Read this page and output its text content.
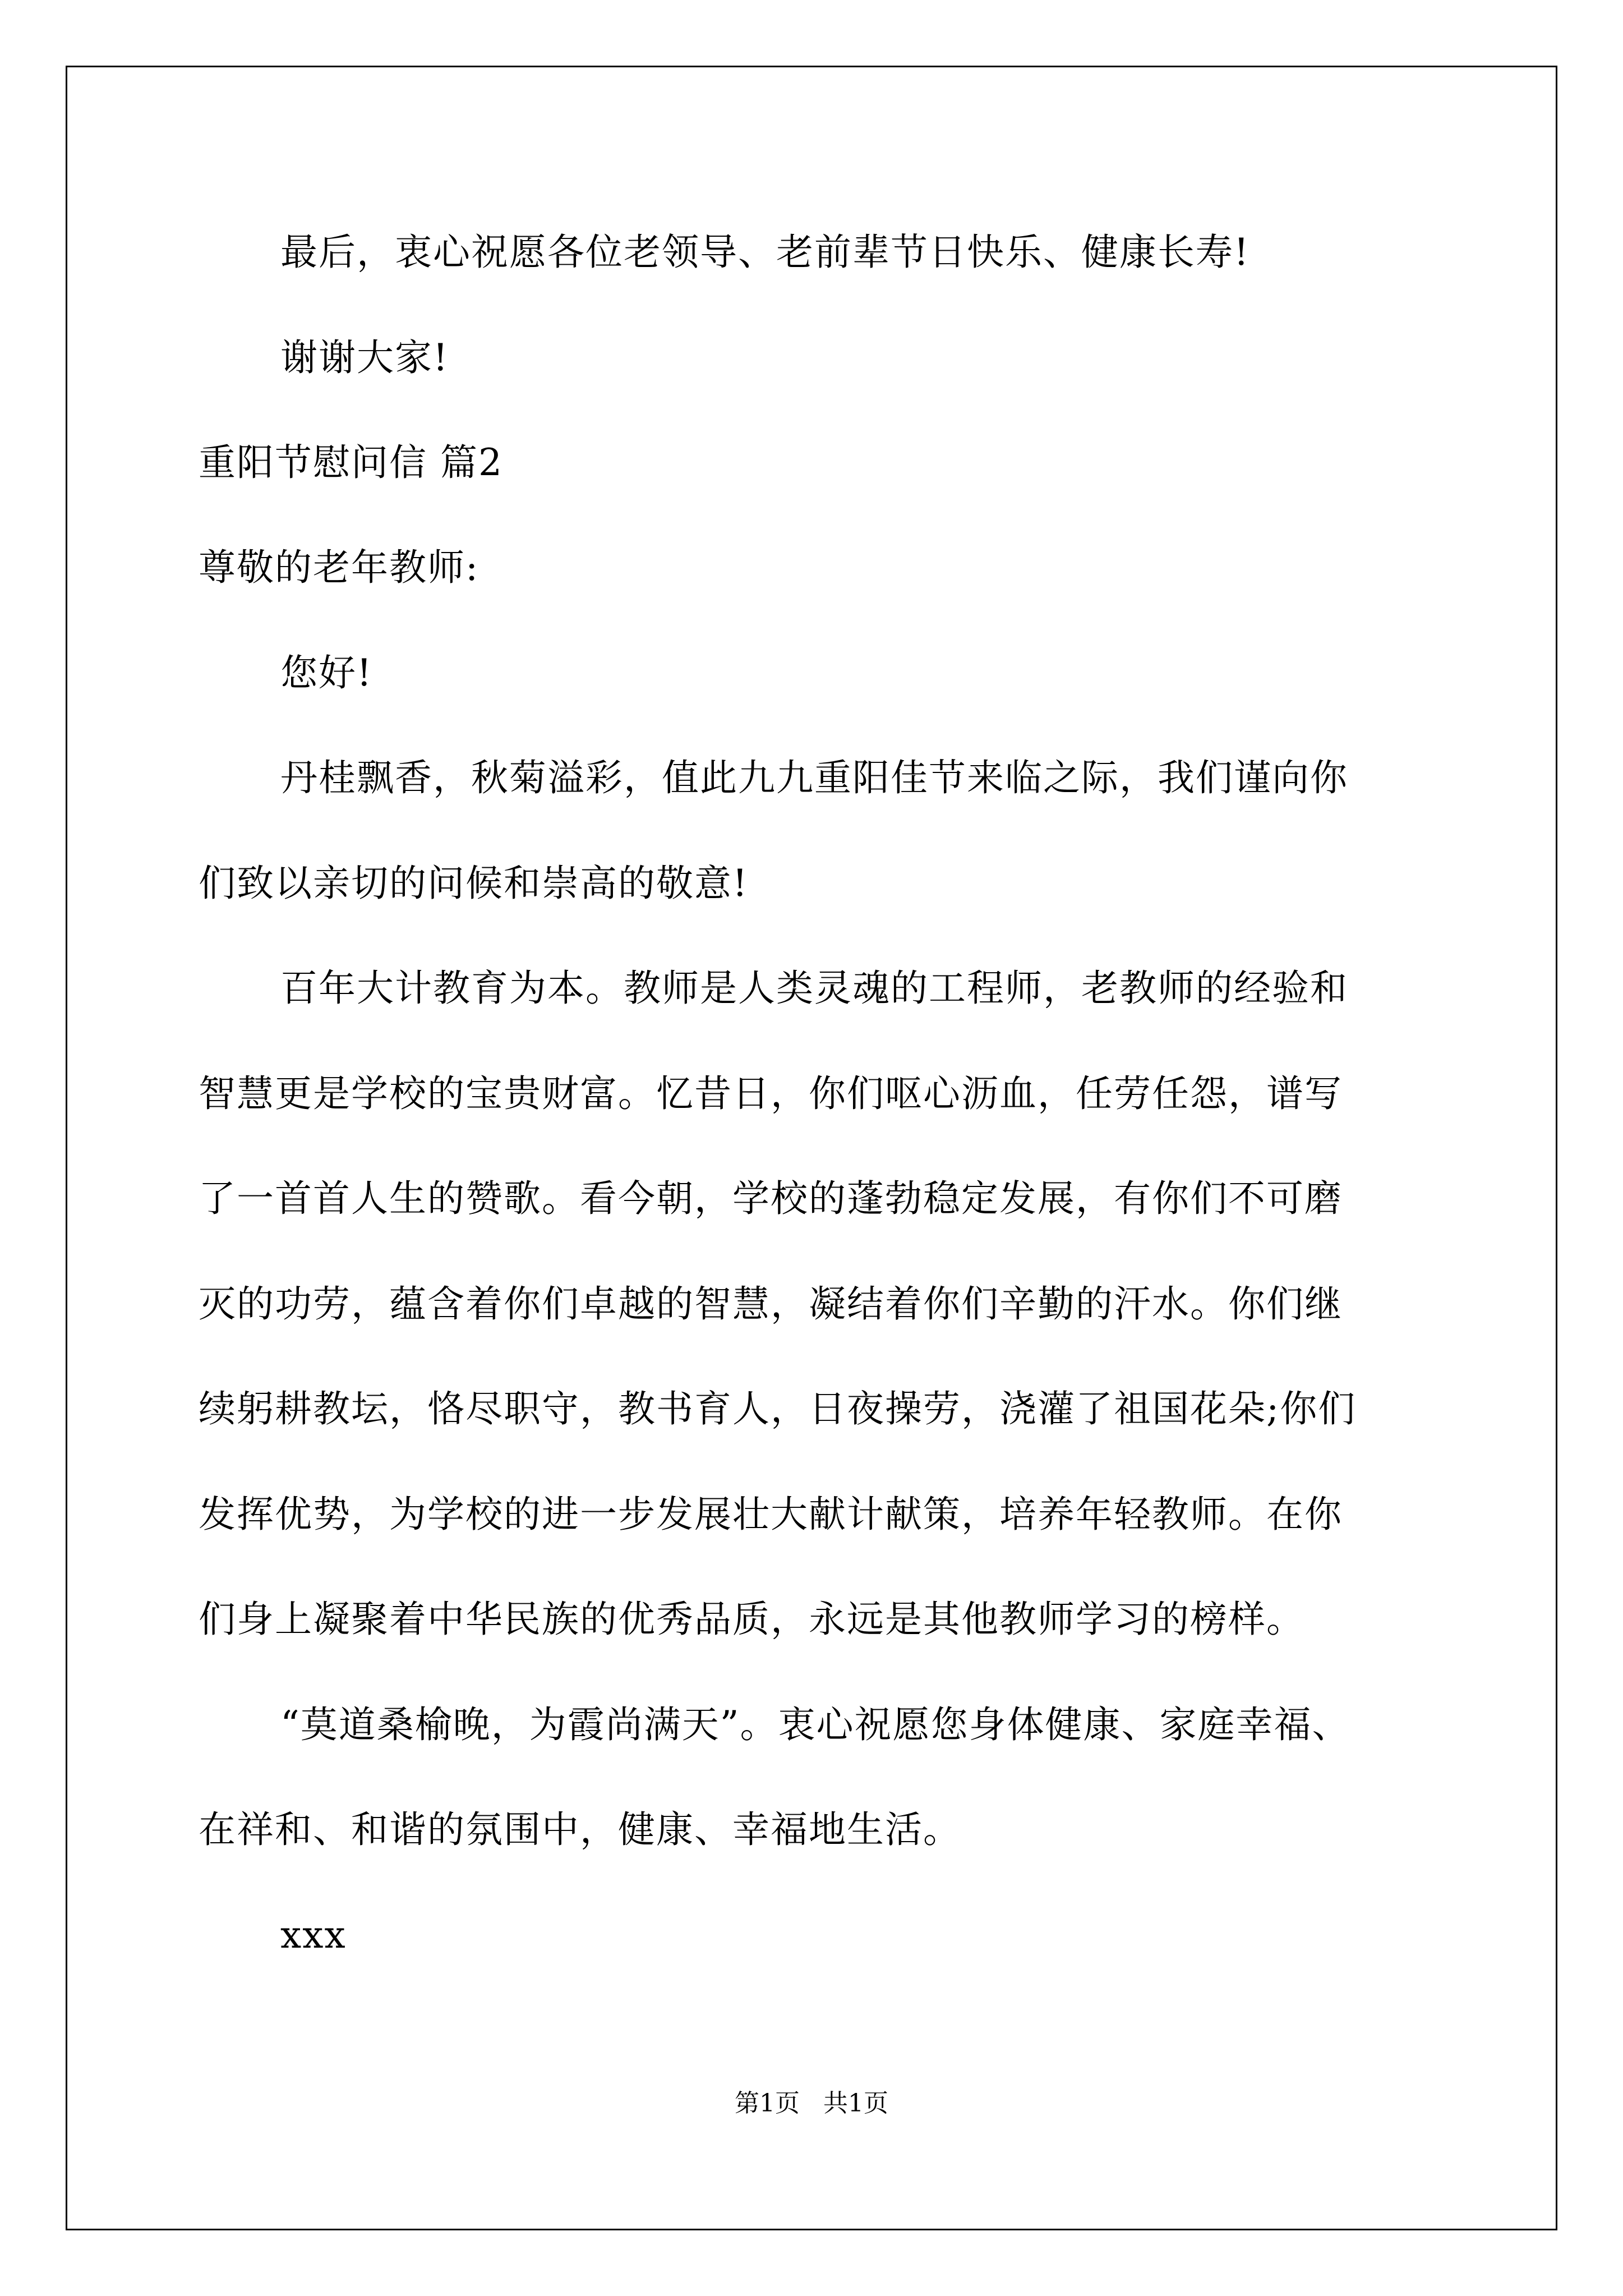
最后，衷心祝愿各位老领导、老前辈节日快乐、健康长寿!
谢谢大家!
重阳节慰问信 篇2
尊敬的老年教师:
您好!
丹桂飘香，秋菊溢彩，值此九九重阳佳节来临之际，我们谨向你
们致以亲切的问候和崇高的敬意!
百年大计教育为本。教师是人类灵魂的工程师，老教师的经验和
智慧更是学校的宝贵财富。忆昔日，你们呕心沥血，任劳任怨，谱写
了一首首人生的赞歌。看今朝，学校的蓬勃稳定发展，有你们不可磨
灭的功劳，蕴含着你们卓越的智慧，凝结着你们辛勤的汗水。你们继
续躬耕教坛，恪尽职守，教书育人，日夜操劳，浇灌了祖国花朵;你们
发挥优势，为学校的进一步发展壮大献计献策，培养年轻教师。在你
们身上凝聚着中华民族的优秀品质，永远是其他教师学习的榜样。
“莫道桑榆晚，为霞尚满天”。衷心祝愿您身体健康、家庭幸福、
在祥和、和谐的氛围中，健康、幸福地生活。
xxx
第1页   共1页
